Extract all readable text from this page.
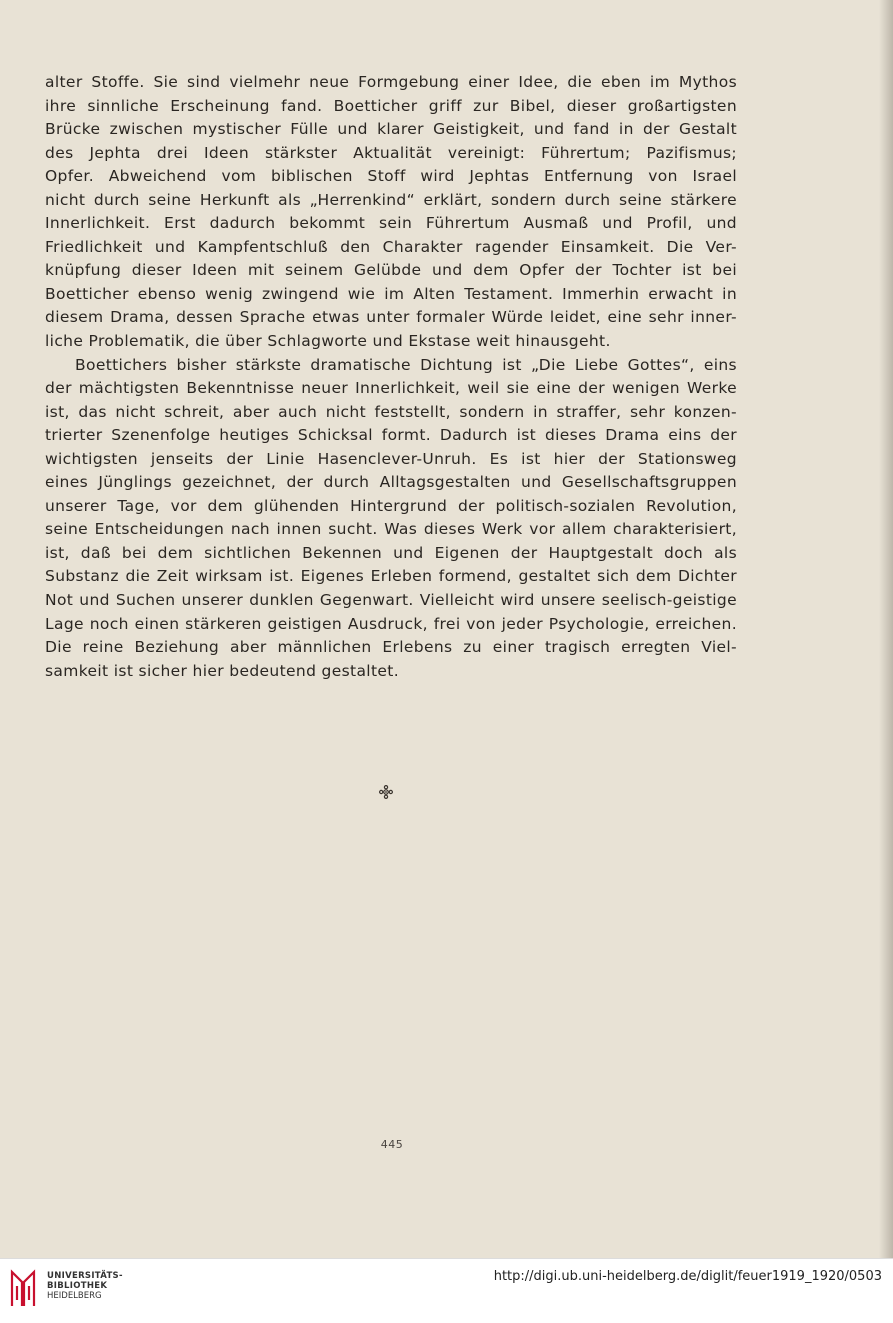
alter Stoffe. Sie sind vielmehr neue Formgebung einer Idee, die eben im Mythos
ihre sinnliche Erscheinung fand. Boetticher griff zur Bibel, dieser großartigsten
Brücke zwischen mystischer Fülle und klarer Geistigkeit, und fand in der Gestalt
des Jephta drei Ideen stärkster Aktualität vereinigt: Führertum; Pazifismus;
Opfer. Abweichend vom biblischen Stoff wird Jephtas Entfernung von Israel
nicht durch seine Herkunft als „Herrenkind“ erklärt, sondern durch seine stärkere
Innerlichkeit. Erst dadurch bekommt sein Führertum Ausmaß und Profil, und
Friedlichkeit und Kampfentschluß den Charakter ragender Einsamkeit. Die Ver-
knüpfung dieser Ideen mit seinem Gelübde und dem Opfer der Tochter ist bei
Boetticher ebenso wenig zwingend wie im Alten Testament. Immerhin erwacht in
diesem Drama, dessen Sprache etwas unter formaler Würde leidet, eine sehr inner-
liche Problematik, die über Schlagworte und Ekstase weit hinausgeht.

Boettichers bisher stärkste dramatische Dichtung ist „Die Liebe Gottes“, eins
der mächtigsten Bekenntnisse neuer Innerlichkeit, weil sie eine der wenigen Werke
ist, das nicht schreit, aber auch nicht feststellt, sondern in straffer, sehr konzen-
trierter Szenenfolge heutiges Schicksal formt. Dadurch ist dieses Drama eins der
wichtigsten jenseits der Linie Hasenclever-Unruh. Es ist hier der Stationsweg
eines Jünglings gezeichnet, der durch Alltagsgestalten und Gesellschaftsgruppen
unserer Tage, vor dem glühenden Hintergrund der politisch-sozialen Revolution,
seine Entscheidungen nach innen sucht. Was dieses Werk vor allem charakterisiert,
ist, daß bei dem sichtlichen Bekennen und Eigenen der Hauptgestalt doch als
Substanz die Zeit wirksam ist. Eigenes Erleben formend, gestaltet sich dem Dichter
Not und Suchen unserer dunklen Gegenwart. Vielleicht wird unsere seelisch-geistige
Lage noch einen stärkeren geistigen Ausdruck, frei von jeder Psychologie, erreichen.
Die reine Beziehung aber männlichen Erlebens zu einer tragisch erregten Viel-
samkeit ist sicher hier bedeutend gestaltet.

445
UNIVERSITÄTS-
BIBLIOTHEK
HEIDELBERG
http://digi.ub.uni-heidelberg.de/diglit/feuer1919_1920/0503
